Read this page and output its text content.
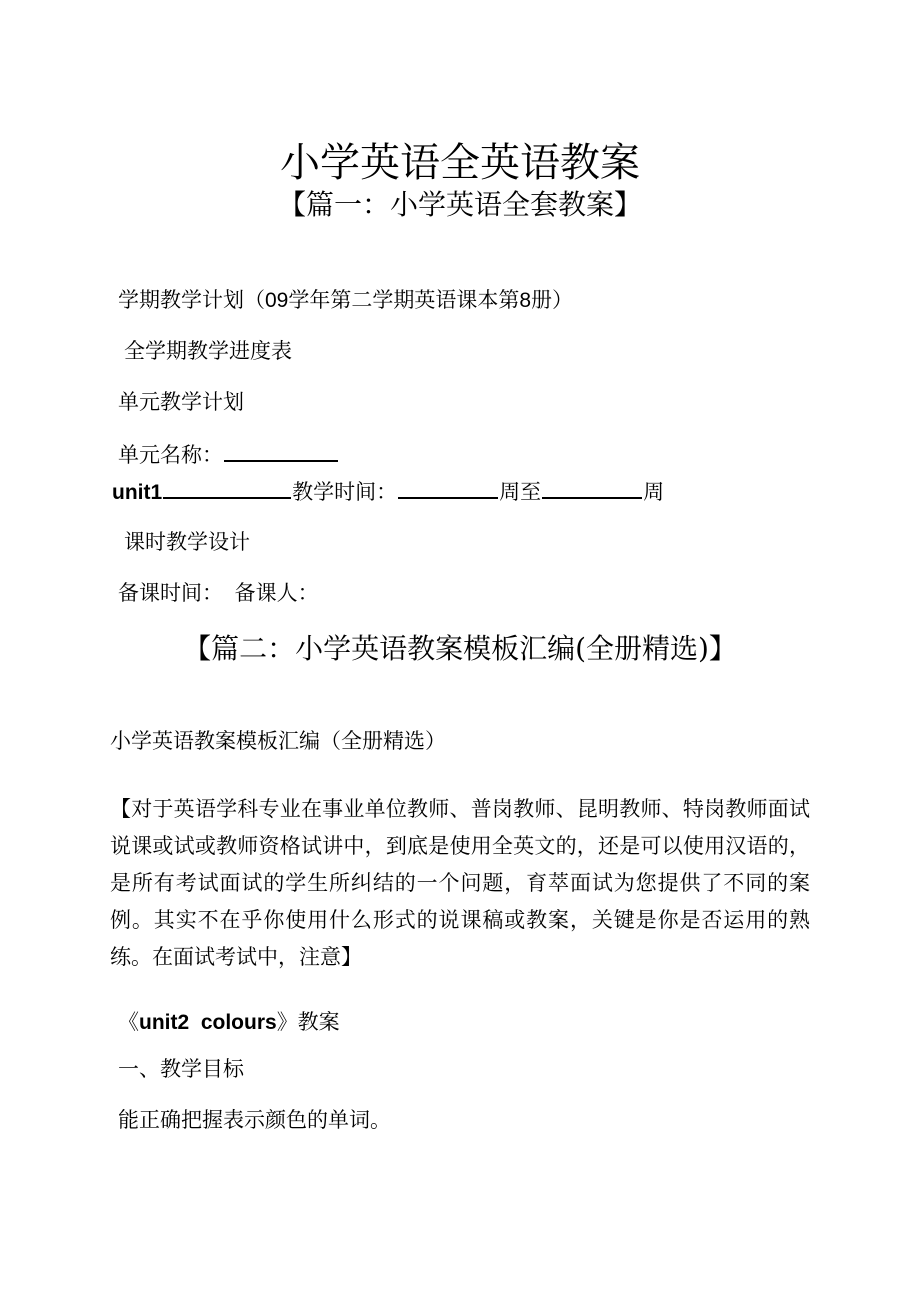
小学英语全英语教案
【篇一：小学英语全套教案】
学期教学计划（09学年第二学期英语课本第8册）
全学期教学进度表
单元教学计划
单元名称：
unit1	教学时间：	周至	周
课时教学设计
备课时间： 备课人：
【篇二：小学英语教案模板汇编(全册精选)】
小学英语教案模板汇编（全册精选）

【对于英语学科专业在事业单位教师、普岗教师、昆明教师、特岗教师面试说课或试或教师资格试讲中，到底是使用全英文的，还是可以使用汉语的，是所有考试面试的学生所纠结的一个问题，育萃面试为您提供了不同的案例。其实不在乎你使用什么形式的说课稿或教案，关键是你是否运用的熟练。在面试考试中，注意】

《unit2  colours》教案
一、教学目标
能正确把握表示颜色的单词。
